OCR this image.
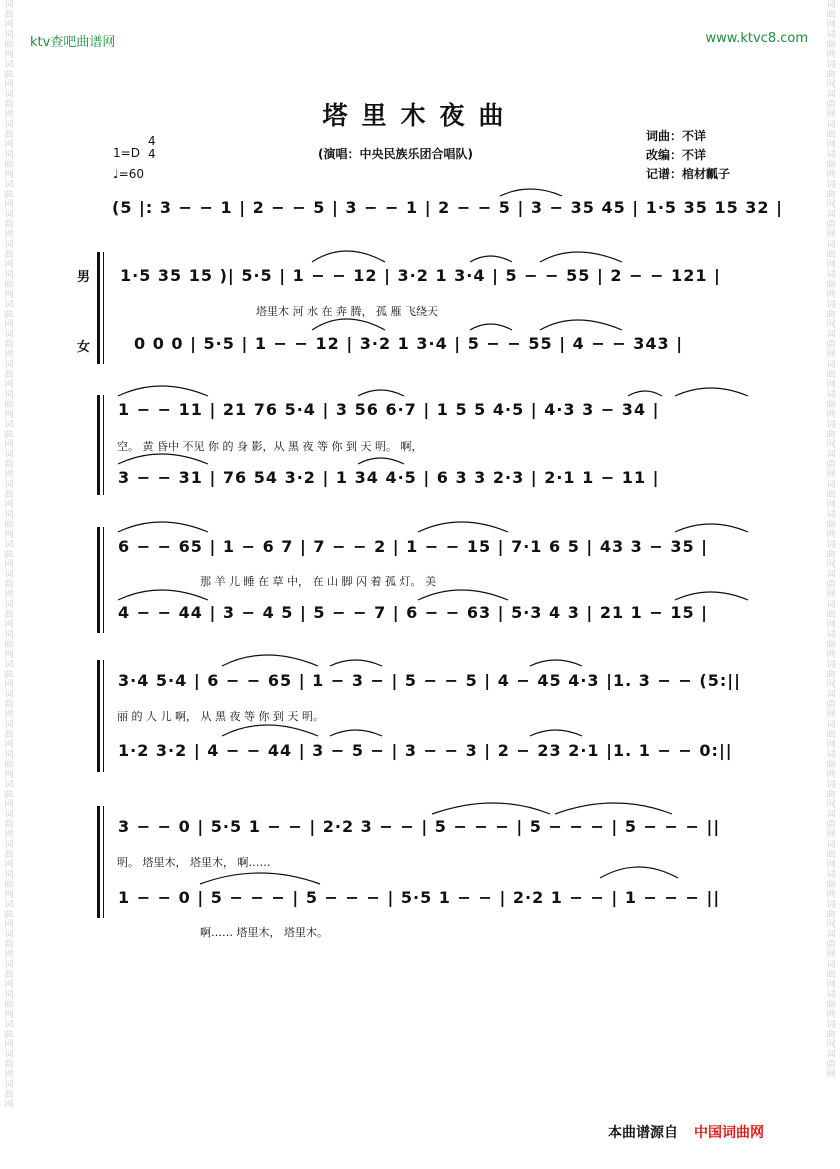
词曲网词曲网词曲网词曲网词曲网词曲网词曲网词曲网词曲网词曲网词曲网词曲网词曲网词曲网词曲网词曲网词曲网词曲网词曲网词曲网词曲网词曲网词曲网词曲网词曲网词曲网词曲网词曲网词曲网词曲网词曲网词曲网词曲网词曲网词曲网词曲网词曲网
词曲网词曲网词曲网词曲网词曲网词曲网词曲网词曲网词曲网词曲网词曲网词曲网词曲网词曲网词曲网词曲网词曲网词曲网词曲网词曲网词曲网词曲网词曲网词曲网词曲网词曲网词曲网词曲网词曲网词曲网词曲网词曲网词曲网词曲网词曲网词曲网
ktv查吧曲谱网	www.ktvc8.com
塔里木夜曲
(演唱：中央民族乐团合唱队)
词曲：不详
改编：不详
记谱：棺材瓤子
1=D
4
4
♩=60
(5 |: 3 − − 1 | 2 − − 5 | 3 − − 1 | 2 − − 5 | 3 − 35 45 | 1·5 35 15 32 |
男
女
1·5 35 15 )| 5·5 | 1 − − 12 | 3·2 1 3·4 | 5 − − 55 | 2 − − 121 |
塔里木 河 水 在 奔 腾， 孤 雁 飞绕天
0 0 0 | 5·5 | 1 − − 12 | 3·2 1 3·4 | 5 − − 55 | 4 − − 343 |
1 − − 11 | 21 76 5·4 | 3 56 6·7 | 1 5 5 4·5 | 4·3 3 − 34 |
空。 黄 昏中 不见 你 的 身 影，从 黑 夜 等 你 到 天 明。 啊，
3 − − 31 | 76 54 3·2 | 1 34 4·5 | 6 3 3 2·3 | 2·1 1 − 11 |
6 − − 65 | 1 − 6 7 | 7 − − 2 | 1 − − 15 | 7·1 6 5 | 43 3 − 35 |
那 羊 儿 睡 在 草 中， 在 山 脚 闪 着 孤 灯。 美
4 − − 44 | 3 − 4 5 | 5 − − 7 | 6 − − 63 | 5·3 4 3 | 21 1 − 15 |
3·4 5·4 | 6 − − 65 | 1 − 3 − | 5 − − 5 | 4 − 45 4·3 |1. 3 − − (5:||
丽 的 人 儿 啊， 从 黑 夜 等 你 到 天 明。
1·2 3·2 | 4 − − 44 | 3 − 5 − | 3 − − 3 | 2 − 23 2·1 |1. 1 − − 0:||
3 − − 0 | 5·5 1 − − | 2·2 3 − − | 5 − − − | 5 − − − | 5 − − − ||
明。 塔里木， 塔里木， 啊……
1 − − 0 | 5 − − − | 5 − − − | 5·5 1 − − | 2·2 1 − − | 1 − − − ||
啊…… 塔里木， 塔里木。
本曲谱源自 中国词曲网
